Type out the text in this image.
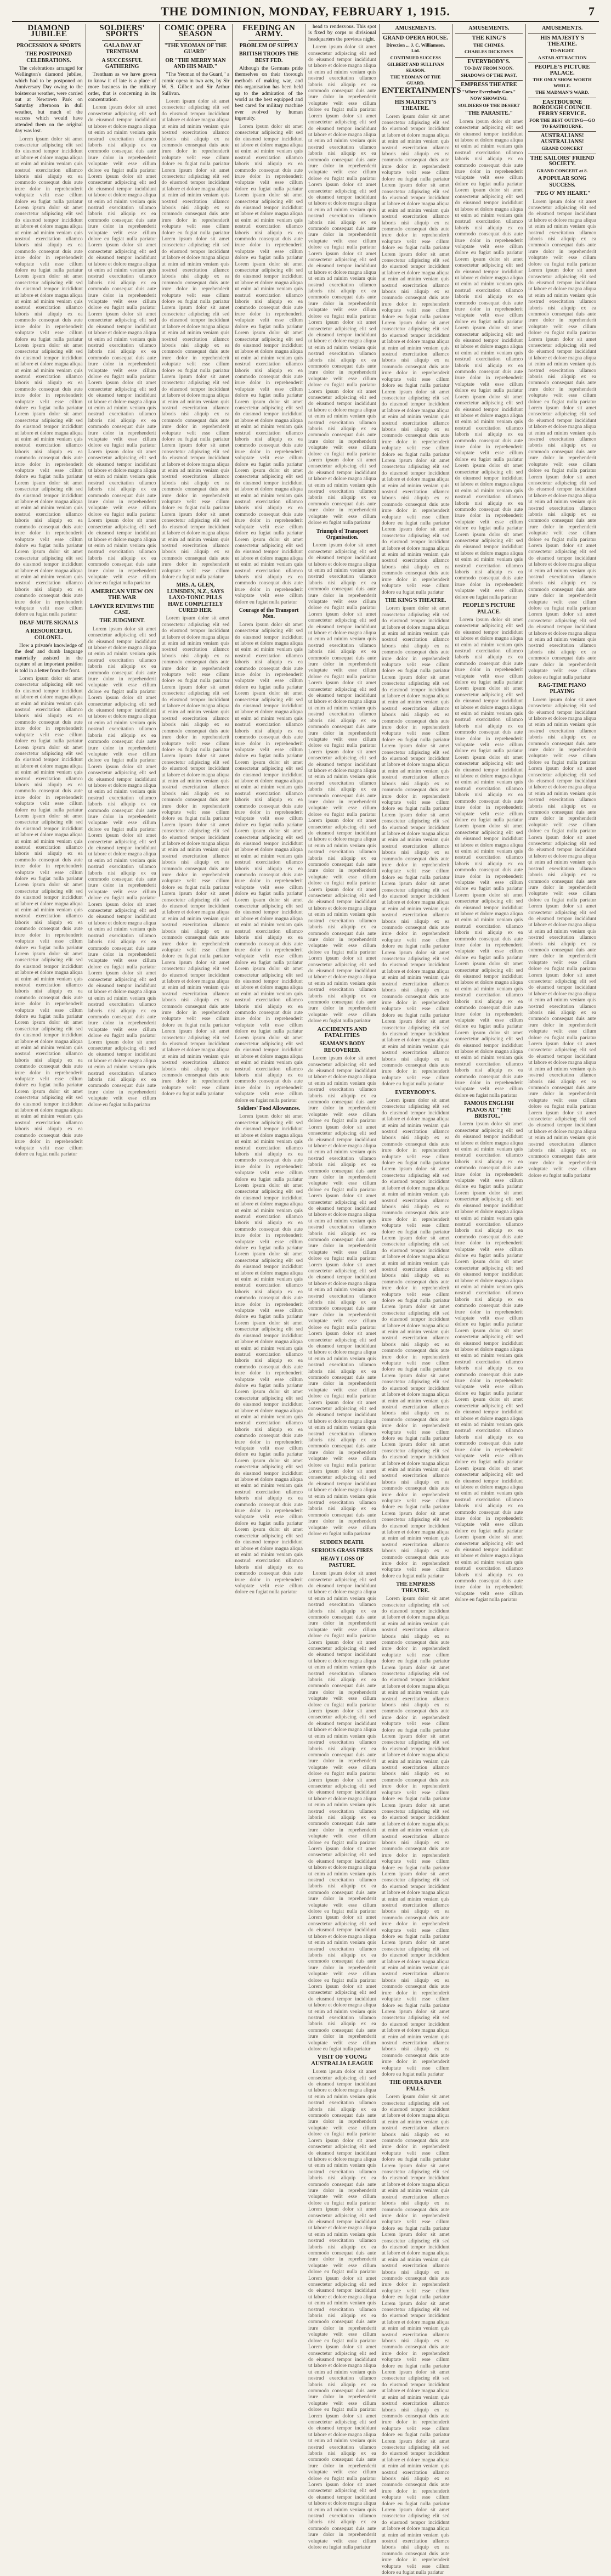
THE DOMINION, MONDAY, FEBRUARY 1, 1915.	7
DIAMOND JUBILEE
PROCESSION & SPORTS
THE POSTPONED CELEBRATIONS.

The celebrations arranged for Wellington's diamond jubilee, which had to be postponed on Anniversary Day owing to the boisterous weather, were carried out at Newtown Park on Saturday afternoon in dull weather, but much of the success which would have attended them on the original day was lost.

Lorem ipsum dolor sit amet consectetur adipiscing elit sed do eiusmod tempor incididunt ut labore et dolore magna aliqua ut enim ad minim veniam quis nostrud exercitation ullamco laboris nisi aliquip ex ea commodo consequat duis aute irure dolor in reprehenderit voluptate velit esse cillum dolore eu fugiat nulla pariatur Lorem ipsum dolor sit amet consectetur adipiscing elit sed do eiusmod tempor incididunt ut labore et dolore magna aliqua ut enim ad minim veniam quis nostrud exercitation ullamco laboris nisi aliquip ex ea commodo consequat duis aute irure dolor in reprehenderit voluptate velit esse cillum dolore eu fugiat nulla pariatur Lorem ipsum dolor sit amet consectetur adipiscing elit sed do eiusmod tempor incididunt ut labore et dolore magna aliqua ut enim ad minim veniam quis nostrud exercitation ullamco laboris nisi aliquip ex ea commodo consequat duis aute irure dolor in reprehenderit voluptate velit esse cillum dolore eu fugiat nulla pariatur Lorem ipsum dolor sit amet consectetur adipiscing elit sed do eiusmod tempor incididunt ut labore et dolore magna aliqua ut enim ad minim veniam quis nostrud exercitation ullamco laboris nisi aliquip ex ea commodo consequat duis aute irure dolor in reprehenderit voluptate velit esse cillum dolore eu fugiat nulla pariatur Lorem ipsum dolor sit amet consectetur adipiscing elit sed do eiusmod tempor incididunt ut labore et dolore magna aliqua ut enim ad minim veniam quis nostrud exercitation ullamco laboris nisi aliquip ex ea commodo consequat duis aute irure dolor in reprehenderit voluptate velit esse cillum dolore eu fugiat nulla pariatur Lorem ipsum dolor sit amet consectetur adipiscing elit sed do eiusmod tempor incididunt ut labore et dolore magna aliqua ut enim ad minim veniam quis nostrud exercitation ullamco laboris nisi aliquip ex ea commodo consequat duis aute irure dolor in reprehenderit voluptate velit esse cillum dolore eu fugiat nulla pariatur Lorem ipsum dolor sit amet consectetur adipiscing elit sed do eiusmod tempor incididunt ut labore et dolore magna aliqua ut enim ad minim veniam quis nostrud exercitation ullamco laboris nisi aliquip ex ea commodo consequat duis aute irure dolor in reprehenderit voluptate velit esse cillum dolore eu fugiat nulla pariatur

DEAF-MUTE SIGNALS
A RESOURCEFUL COLONEL.

How a private's knowledge of the deaf and dumb language materially assisted in the capture of an important position is told in a letter from the front.

Lorem ipsum dolor sit amet consectetur adipiscing elit sed do eiusmod tempor incididunt ut labore et dolore magna aliqua ut enim ad minim veniam quis nostrud exercitation ullamco laboris nisi aliquip ex ea commodo consequat duis aute irure dolor in reprehenderit voluptate velit esse cillum dolore eu fugiat nulla pariatur Lorem ipsum dolor sit amet consectetur adipiscing elit sed do eiusmod tempor incididunt ut labore et dolore magna aliqua ut enim ad minim veniam quis nostrud exercitation ullamco laboris nisi aliquip ex ea commodo consequat duis aute irure dolor in reprehenderit voluptate velit esse cillum dolore eu fugiat nulla pariatur Lorem ipsum dolor sit amet consectetur adipiscing elit sed do eiusmod tempor incididunt ut labore et dolore magna aliqua ut enim ad minim veniam quis nostrud exercitation ullamco laboris nisi aliquip ex ea commodo consequat duis aute irure dolor in reprehenderit voluptate velit esse cillum dolore eu fugiat nulla pariatur Lorem ipsum dolor sit amet consectetur adipiscing elit sed do eiusmod tempor incididunt ut labore et dolore magna aliqua ut enim ad minim veniam quis nostrud exercitation ullamco laboris nisi aliquip ex ea commodo consequat duis aute irure dolor in reprehenderit voluptate velit esse cillum dolore eu fugiat nulla pariatur Lorem ipsum dolor sit amet consectetur adipiscing elit sed do eiusmod tempor incididunt ut labore et dolore magna aliqua ut enim ad minim veniam quis nostrud exercitation ullamco laboris nisi aliquip ex ea commodo consequat duis aute irure dolor in reprehenderit voluptate velit esse cillum dolore eu fugiat nulla pariatur Lorem ipsum dolor sit amet consectetur adipiscing elit sed do eiusmod tempor incididunt ut labore et dolore magna aliqua ut enim ad minim veniam quis nostrud exercitation ullamco laboris nisi aliquip ex ea commodo consequat duis aute irure dolor in reprehenderit voluptate velit esse cillum dolore eu fugiat nulla pariatur Lorem ipsum dolor sit amet consectetur adipiscing elit sed do eiusmod tempor incididunt ut labore et dolore magna aliqua ut enim ad minim veniam quis nostrud exercitation ullamco laboris nisi aliquip ex ea commodo consequat duis aute irure dolor in reprehenderit voluptate velit esse cillum dolore eu fugiat nulla pariatur

SOLDIERS' SPORTS
GALA DAY AT TRENTHAM
A SUCCESSFUL GATHERING

Trentham as we have grown to know it of late is a place of more business in the military order, that is concerning in its concentration.

Lorem ipsum dolor sit amet consectetur adipiscing elit sed do eiusmod tempor incididunt ut labore et dolore magna aliqua ut enim ad minim veniam quis nostrud exercitation ullamco laboris nisi aliquip ex ea commodo consequat duis aute irure dolor in reprehenderit voluptate velit esse cillum dolore eu fugiat nulla pariatur Lorem ipsum dolor sit amet consectetur adipiscing elit sed do eiusmod tempor incididunt ut labore et dolore magna aliqua ut enim ad minim veniam quis nostrud exercitation ullamco laboris nisi aliquip ex ea commodo consequat duis aute irure dolor in reprehenderit voluptate velit esse cillum dolore eu fugiat nulla pariatur Lorem ipsum dolor sit amet consectetur adipiscing elit sed do eiusmod tempor incididunt ut labore et dolore magna aliqua ut enim ad minim veniam quis nostrud exercitation ullamco laboris nisi aliquip ex ea commodo consequat duis aute irure dolor in reprehenderit voluptate velit esse cillum dolore eu fugiat nulla pariatur Lorem ipsum dolor sit amet consectetur adipiscing elit sed do eiusmod tempor incididunt ut labore et dolore magna aliqua ut enim ad minim veniam quis nostrud exercitation ullamco laboris nisi aliquip ex ea commodo consequat duis aute irure dolor in reprehenderit voluptate velit esse cillum dolore eu fugiat nulla pariatur Lorem ipsum dolor sit amet consectetur adipiscing elit sed do eiusmod tempor incididunt ut labore et dolore magna aliqua ut enim ad minim veniam quis nostrud exercitation ullamco laboris nisi aliquip ex ea commodo consequat duis aute irure dolor in reprehenderit voluptate velit esse cillum dolore eu fugiat nulla pariatur Lorem ipsum dolor sit amet consectetur adipiscing elit sed do eiusmod tempor incididunt ut labore et dolore magna aliqua ut enim ad minim veniam quis nostrud exercitation ullamco laboris nisi aliquip ex ea commodo consequat duis aute irure dolor in reprehenderit voluptate velit esse cillum dolore eu fugiat nulla pariatur Lorem ipsum dolor sit amet consectetur adipiscing elit sed do eiusmod tempor incididunt ut labore et dolore magna aliqua ut enim ad minim veniam quis nostrud exercitation ullamco laboris nisi aliquip ex ea commodo consequat duis aute irure dolor in reprehenderit voluptate velit esse cillum dolore eu fugiat nulla pariatur

AMERICAN VIEW ON THE WAR
LAWYER REVIEWS THE CASE.
THE JUDGMENT.

Lorem ipsum dolor sit amet consectetur adipiscing elit sed do eiusmod tempor incididunt ut labore et dolore magna aliqua ut enim ad minim veniam quis nostrud exercitation ullamco laboris nisi aliquip ex ea commodo consequat duis aute irure dolor in reprehenderit voluptate velit esse cillum dolore eu fugiat nulla pariatur Lorem ipsum dolor sit amet consectetur adipiscing elit sed do eiusmod tempor incididunt ut labore et dolore magna aliqua ut enim ad minim veniam quis nostrud exercitation ullamco laboris nisi aliquip ex ea commodo consequat duis aute irure dolor in reprehenderit voluptate velit esse cillum dolore eu fugiat nulla pariatur Lorem ipsum dolor sit amet consectetur adipiscing elit sed do eiusmod tempor incididunt ut labore et dolore magna aliqua ut enim ad minim veniam quis nostrud exercitation ullamco laboris nisi aliquip ex ea commodo consequat duis aute irure dolor in reprehenderit voluptate velit esse cillum dolore eu fugiat nulla pariatur Lorem ipsum dolor sit amet consectetur adipiscing elit sed do eiusmod tempor incididunt ut labore et dolore magna aliqua ut enim ad minim veniam quis nostrud exercitation ullamco laboris nisi aliquip ex ea commodo consequat duis aute irure dolor in reprehenderit voluptate velit esse cillum dolore eu fugiat nulla pariatur Lorem ipsum dolor sit amet consectetur adipiscing elit sed do eiusmod tempor incididunt ut labore et dolore magna aliqua ut enim ad minim veniam quis nostrud exercitation ullamco laboris nisi aliquip ex ea commodo consequat duis aute irure dolor in reprehenderit voluptate velit esse cillum dolore eu fugiat nulla pariatur Lorem ipsum dolor sit amet consectetur adipiscing elit sed do eiusmod tempor incididunt ut labore et dolore magna aliqua ut enim ad minim veniam quis nostrud exercitation ullamco laboris nisi aliquip ex ea commodo consequat duis aute irure dolor in reprehenderit voluptate velit esse cillum dolore eu fugiat nulla pariatur Lorem ipsum dolor sit amet consectetur adipiscing elit sed do eiusmod tempor incididunt ut labore et dolore magna aliqua ut enim ad minim veniam quis nostrud exercitation ullamco laboris nisi aliquip ex ea commodo consequat duis aute irure dolor in reprehenderit voluptate velit esse cillum dolore eu fugiat nulla pariatur

COMIC OPERA SEASON
"THE YEOMAN OF THE GUARD"
OR "THE MERRY MAN AND HIS MAID."

"The Yeoman of the Guard," a comic opera in two acts, by Sir W. S. Gilbert and Sir Arthur Sullivan.

Lorem ipsum dolor sit amet consectetur adipiscing elit sed do eiusmod tempor incididunt ut labore et dolore magna aliqua ut enim ad minim veniam quis nostrud exercitation ullamco laboris nisi aliquip ex ea commodo consequat duis aute irure dolor in reprehenderit voluptate velit esse cillum dolore eu fugiat nulla pariatur Lorem ipsum dolor sit amet consectetur adipiscing elit sed do eiusmod tempor incididunt ut labore et dolore magna aliqua ut enim ad minim veniam quis nostrud exercitation ullamco laboris nisi aliquip ex ea commodo consequat duis aute irure dolor in reprehenderit voluptate velit esse cillum dolore eu fugiat nulla pariatur Lorem ipsum dolor sit amet consectetur adipiscing elit sed do eiusmod tempor incididunt ut labore et dolore magna aliqua ut enim ad minim veniam quis nostrud exercitation ullamco laboris nisi aliquip ex ea commodo consequat duis aute irure dolor in reprehenderit voluptate velit esse cillum dolore eu fugiat nulla pariatur Lorem ipsum dolor sit amet consectetur adipiscing elit sed do eiusmod tempor incididunt ut labore et dolore magna aliqua ut enim ad minim veniam quis nostrud exercitation ullamco laboris nisi aliquip ex ea commodo consequat duis aute irure dolor in reprehenderit voluptate velit esse cillum dolore eu fugiat nulla pariatur Lorem ipsum dolor sit amet consectetur adipiscing elit sed do eiusmod tempor incididunt ut labore et dolore magna aliqua ut enim ad minim veniam quis nostrud exercitation ullamco laboris nisi aliquip ex ea commodo consequat duis aute irure dolor in reprehenderit voluptate velit esse cillum dolore eu fugiat nulla pariatur Lorem ipsum dolor sit amet consectetur adipiscing elit sed do eiusmod tempor incididunt ut labore et dolore magna aliqua ut enim ad minim veniam quis nostrud exercitation ullamco laboris nisi aliquip ex ea commodo consequat duis aute irure dolor in reprehenderit voluptate velit esse cillum dolore eu fugiat nulla pariatur Lorem ipsum dolor sit amet consectetur adipiscing elit sed do eiusmod tempor incididunt ut labore et dolore magna aliqua ut enim ad minim veniam quis nostrud exercitation ullamco laboris nisi aliquip ex ea commodo consequat duis aute irure dolor in reprehenderit voluptate velit esse cillum dolore eu fugiat nulla pariatur

MRS. A. GLEN, LUMSDEN, N.Z., SAYS LAXO-TONIC PILLS HAVE COMPLETELY CURED HER.

Lorem ipsum dolor sit amet consectetur adipiscing elit sed do eiusmod tempor incididunt ut labore et dolore magna aliqua ut enim ad minim veniam quis nostrud exercitation ullamco laboris nisi aliquip ex ea commodo consequat duis aute irure dolor in reprehenderit voluptate velit esse cillum dolore eu fugiat nulla pariatur Lorem ipsum dolor sit amet consectetur adipiscing elit sed do eiusmod tempor incididunt ut labore et dolore magna aliqua ut enim ad minim veniam quis nostrud exercitation ullamco laboris nisi aliquip ex ea commodo consequat duis aute irure dolor in reprehenderit voluptate velit esse cillum dolore eu fugiat nulla pariatur Lorem ipsum dolor sit amet consectetur adipiscing elit sed do eiusmod tempor incididunt ut labore et dolore magna aliqua ut enim ad minim veniam quis nostrud exercitation ullamco laboris nisi aliquip ex ea commodo consequat duis aute irure dolor in reprehenderit voluptate velit esse cillum dolore eu fugiat nulla pariatur Lorem ipsum dolor sit amet consectetur adipiscing elit sed do eiusmod tempor incididunt ut labore et dolore magna aliqua ut enim ad minim veniam quis nostrud exercitation ullamco laboris nisi aliquip ex ea commodo consequat duis aute irure dolor in reprehenderit voluptate velit esse cillum dolore eu fugiat nulla pariatur Lorem ipsum dolor sit amet consectetur adipiscing elit sed do eiusmod tempor incididunt ut labore et dolore magna aliqua ut enim ad minim veniam quis nostrud exercitation ullamco laboris nisi aliquip ex ea commodo consequat duis aute irure dolor in reprehenderit voluptate velit esse cillum dolore eu fugiat nulla pariatur Lorem ipsum dolor sit amet consectetur adipiscing elit sed do eiusmod tempor incididunt ut labore et dolore magna aliqua ut enim ad minim veniam quis nostrud exercitation ullamco laboris nisi aliquip ex ea commodo consequat duis aute irure dolor in reprehenderit voluptate velit esse cillum dolore eu fugiat nulla pariatur Lorem ipsum dolor sit amet consectetur adipiscing elit sed do eiusmod tempor incididunt ut labore et dolore magna aliqua ut enim ad minim veniam quis nostrud exercitation ullamco laboris nisi aliquip ex ea commodo consequat duis aute irure dolor in reprehenderit voluptate velit esse cillum dolore eu fugiat nulla pariatur

FEEDING AN ARMY.
PROBLEM OF SUPPLY
BRITISH TROOPS THE BEST FED.

Although the Germans pride themselves on their thorough methods of making war, and this organisation has been held up to the admiration of the world as the best equipped and best cared for military machine ever evolved by human ingenuity.

Lorem ipsum dolor sit amet consectetur adipiscing elit sed do eiusmod tempor incididunt ut labore et dolore magna aliqua ut enim ad minim veniam quis nostrud exercitation ullamco laboris nisi aliquip ex ea commodo consequat duis aute irure dolor in reprehenderit voluptate velit esse cillum dolore eu fugiat nulla pariatur Lorem ipsum dolor sit amet consectetur adipiscing elit sed do eiusmod tempor incididunt ut labore et dolore magna aliqua ut enim ad minim veniam quis nostrud exercitation ullamco laboris nisi aliquip ex ea commodo consequat duis aute irure dolor in reprehenderit voluptate velit esse cillum dolore eu fugiat nulla pariatur Lorem ipsum dolor sit amet consectetur adipiscing elit sed do eiusmod tempor incididunt ut labore et dolore magna aliqua ut enim ad minim veniam quis nostrud exercitation ullamco laboris nisi aliquip ex ea commodo consequat duis aute irure dolor in reprehenderit voluptate velit esse cillum dolore eu fugiat nulla pariatur Lorem ipsum dolor sit amet consectetur adipiscing elit sed do eiusmod tempor incididunt ut labore et dolore magna aliqua ut enim ad minim veniam quis nostrud exercitation ullamco laboris nisi aliquip ex ea commodo consequat duis aute irure dolor in reprehenderit voluptate velit esse cillum dolore eu fugiat nulla pariatur Lorem ipsum dolor sit amet consectetur adipiscing elit sed do eiusmod tempor incididunt ut labore et dolore magna aliqua ut enim ad minim veniam quis nostrud exercitation ullamco laboris nisi aliquip ex ea commodo consequat duis aute irure dolor in reprehenderit voluptate velit esse cillum dolore eu fugiat nulla pariatur Lorem ipsum dolor sit amet consectetur adipiscing elit sed do eiusmod tempor incididunt ut labore et dolore magna aliqua ut enim ad minim veniam quis nostrud exercitation ullamco laboris nisi aliquip ex ea commodo consequat duis aute irure dolor in reprehenderit voluptate velit esse cillum dolore eu fugiat nulla pariatur Lorem ipsum dolor sit amet consectetur adipiscing elit sed do eiusmod tempor incididunt ut labore et dolore magna aliqua ut enim ad minim veniam quis nostrud exercitation ullamco laboris nisi aliquip ex ea commodo consequat duis aute irure dolor in reprehenderit voluptate velit esse cillum dolore eu fugiat nulla pariatur

Courage of the Transport Men.

Lorem ipsum dolor sit amet consectetur adipiscing elit sed do eiusmod tempor incididunt ut labore et dolore magna aliqua ut enim ad minim veniam quis nostrud exercitation ullamco laboris nisi aliquip ex ea commodo consequat duis aute irure dolor in reprehenderit voluptate velit esse cillum dolore eu fugiat nulla pariatur Lorem ipsum dolor sit amet consectetur adipiscing elit sed do eiusmod tempor incididunt ut labore et dolore magna aliqua ut enim ad minim veniam quis nostrud exercitation ullamco laboris nisi aliquip ex ea commodo consequat duis aute irure dolor in reprehenderit voluptate velit esse cillum dolore eu fugiat nulla pariatur Lorem ipsum dolor sit amet consectetur adipiscing elit sed do eiusmod tempor incididunt ut labore et dolore magna aliqua ut enim ad minim veniam quis nostrud exercitation ullamco laboris nisi aliquip ex ea commodo consequat duis aute irure dolor in reprehenderit voluptate velit esse cillum dolore eu fugiat nulla pariatur Lorem ipsum dolor sit amet consectetur adipiscing elit sed do eiusmod tempor incididunt ut labore et dolore magna aliqua ut enim ad minim veniam quis nostrud exercitation ullamco laboris nisi aliquip ex ea commodo consequat duis aute irure dolor in reprehenderit voluptate velit esse cillum dolore eu fugiat nulla pariatur Lorem ipsum dolor sit amet consectetur adipiscing elit sed do eiusmod tempor incididunt ut labore et dolore magna aliqua ut enim ad minim veniam quis nostrud exercitation ullamco laboris nisi aliquip ex ea commodo consequat duis aute irure dolor in reprehenderit voluptate velit esse cillum dolore eu fugiat nulla pariatur Lorem ipsum dolor sit amet consectetur adipiscing elit sed do eiusmod tempor incididunt ut labore et dolore magna aliqua ut enim ad minim veniam quis nostrud exercitation ullamco laboris nisi aliquip ex ea commodo consequat duis aute irure dolor in reprehenderit voluptate velit esse cillum dolore eu fugiat nulla pariatur Lorem ipsum dolor sit amet consectetur adipiscing elit sed do eiusmod tempor incididunt ut labore et dolore magna aliqua ut enim ad minim veniam quis nostrud exercitation ullamco laboris nisi aliquip ex ea commodo consequat duis aute irure dolor in reprehenderit voluptate velit esse cillum dolore eu fugiat nulla pariatur

Soldiers' Food Allowances.

Lorem ipsum dolor sit amet consectetur adipiscing elit sed do eiusmod tempor incididunt ut labore et dolore magna aliqua ut enim ad minim veniam quis nostrud exercitation ullamco laboris nisi aliquip ex ea commodo consequat duis aute irure dolor in reprehenderit voluptate velit esse cillum dolore eu fugiat nulla pariatur Lorem ipsum dolor sit amet consectetur adipiscing elit sed do eiusmod tempor incididunt ut labore et dolore magna aliqua ut enim ad minim veniam quis nostrud exercitation ullamco laboris nisi aliquip ex ea commodo consequat duis aute irure dolor in reprehenderit voluptate velit esse cillum dolore eu fugiat nulla pariatur Lorem ipsum dolor sit amet consectetur adipiscing elit sed do eiusmod tempor incididunt ut labore et dolore magna aliqua ut enim ad minim veniam quis nostrud exercitation ullamco laboris nisi aliquip ex ea commodo consequat duis aute irure dolor in reprehenderit voluptate velit esse cillum dolore eu fugiat nulla pariatur Lorem ipsum dolor sit amet consectetur adipiscing elit sed do eiusmod tempor incididunt ut labore et dolore magna aliqua ut enim ad minim veniam quis nostrud exercitation ullamco laboris nisi aliquip ex ea commodo consequat duis aute irure dolor in reprehenderit voluptate velit esse cillum dolore eu fugiat nulla pariatur Lorem ipsum dolor sit amet consectetur adipiscing elit sed do eiusmod tempor incididunt ut labore et dolore magna aliqua ut enim ad minim veniam quis nostrud exercitation ullamco laboris nisi aliquip ex ea commodo consequat duis aute irure dolor in reprehenderit voluptate velit esse cillum dolore eu fugiat nulla pariatur Lorem ipsum dolor sit amet consectetur adipiscing elit sed do eiusmod tempor incididunt ut labore et dolore magna aliqua ut enim ad minim veniam quis nostrud exercitation ullamco laboris nisi aliquip ex ea commodo consequat duis aute irure dolor in reprehenderit voluptate velit esse cillum dolore eu fugiat nulla pariatur Lorem ipsum dolor sit amet consectetur adipiscing elit sed do eiusmod tempor incididunt ut labore et dolore magna aliqua ut enim ad minim veniam quis nostrud exercitation ullamco laboris nisi aliquip ex ea commodo consequat duis aute irure dolor in reprehenderit voluptate velit esse cillum dolore eu fugiat nulla pariatur

head to rendezvous. This spot is fixed by corps or divisional headquarters the previous night.

Lorem ipsum dolor sit amet consectetur adipiscing elit sed do eiusmod tempor incididunt ut labore et dolore magna aliqua ut enim ad minim veniam quis nostrud exercitation ullamco laboris nisi aliquip ex ea commodo consequat duis aute irure dolor in reprehenderit voluptate velit esse cillum dolore eu fugiat nulla pariatur Lorem ipsum dolor sit amet consectetur adipiscing elit sed do eiusmod tempor incididunt ut labore et dolore magna aliqua ut enim ad minim veniam quis nostrud exercitation ullamco laboris nisi aliquip ex ea commodo consequat duis aute irure dolor in reprehenderit voluptate velit esse cillum dolore eu fugiat nulla pariatur Lorem ipsum dolor sit amet consectetur adipiscing elit sed do eiusmod tempor incididunt ut labore et dolore magna aliqua ut enim ad minim veniam quis nostrud exercitation ullamco laboris nisi aliquip ex ea commodo consequat duis aute irure dolor in reprehenderit voluptate velit esse cillum dolore eu fugiat nulla pariatur Lorem ipsum dolor sit amet consectetur adipiscing elit sed do eiusmod tempor incididunt ut labore et dolore magna aliqua ut enim ad minim veniam quis nostrud exercitation ullamco laboris nisi aliquip ex ea commodo consequat duis aute irure dolor in reprehenderit voluptate velit esse cillum dolore eu fugiat nulla pariatur Lorem ipsum dolor sit amet consectetur adipiscing elit sed do eiusmod tempor incididunt ut labore et dolore magna aliqua ut enim ad minim veniam quis nostrud exercitation ullamco laboris nisi aliquip ex ea commodo consequat duis aute irure dolor in reprehenderit voluptate velit esse cillum dolore eu fugiat nulla pariatur Lorem ipsum dolor sit amet consectetur adipiscing elit sed do eiusmod tempor incididunt ut labore et dolore magna aliqua ut enim ad minim veniam quis nostrud exercitation ullamco laboris nisi aliquip ex ea commodo consequat duis aute irure dolor in reprehenderit voluptate velit esse cillum dolore eu fugiat nulla pariatur Lorem ipsum dolor sit amet consectetur adipiscing elit sed do eiusmod tempor incididunt ut labore et dolore magna aliqua ut enim ad minim veniam quis nostrud exercitation ullamco laboris nisi aliquip ex ea commodo consequat duis aute irure dolor in reprehenderit voluptate velit esse cillum dolore eu fugiat nulla pariatur

Triumph of Transport Organisation.

Lorem ipsum dolor sit amet consectetur adipiscing elit sed do eiusmod tempor incididunt ut labore et dolore magna aliqua ut enim ad minim veniam quis nostrud exercitation ullamco laboris nisi aliquip ex ea commodo consequat duis aute irure dolor in reprehenderit voluptate velit esse cillum dolore eu fugiat nulla pariatur Lorem ipsum dolor sit amet consectetur adipiscing elit sed do eiusmod tempor incididunt ut labore et dolore magna aliqua ut enim ad minim veniam quis nostrud exercitation ullamco laboris nisi aliquip ex ea commodo consequat duis aute irure dolor in reprehenderit voluptate velit esse cillum dolore eu fugiat nulla pariatur Lorem ipsum dolor sit amet consectetur adipiscing elit sed do eiusmod tempor incididunt ut labore et dolore magna aliqua ut enim ad minim veniam quis nostrud exercitation ullamco laboris nisi aliquip ex ea commodo consequat duis aute irure dolor in reprehenderit voluptate velit esse cillum dolore eu fugiat nulla pariatur Lorem ipsum dolor sit amet consectetur adipiscing elit sed do eiusmod tempor incididunt ut labore et dolore magna aliqua ut enim ad minim veniam quis nostrud exercitation ullamco laboris nisi aliquip ex ea commodo consequat duis aute irure dolor in reprehenderit voluptate velit esse cillum dolore eu fugiat nulla pariatur Lorem ipsum dolor sit amet consectetur adipiscing elit sed do eiusmod tempor incididunt ut labore et dolore magna aliqua ut enim ad minim veniam quis nostrud exercitation ullamco laboris nisi aliquip ex ea commodo consequat duis aute irure dolor in reprehenderit voluptate velit esse cillum dolore eu fugiat nulla pariatur Lorem ipsum dolor sit amet consectetur adipiscing elit sed do eiusmod tempor incididunt ut labore et dolore magna aliqua ut enim ad minim veniam quis nostrud exercitation ullamco laboris nisi aliquip ex ea commodo consequat duis aute irure dolor in reprehenderit voluptate velit esse cillum dolore eu fugiat nulla pariatur Lorem ipsum dolor sit amet consectetur adipiscing elit sed do eiusmod tempor incididunt ut labore et dolore magna aliqua ut enim ad minim veniam quis nostrud exercitation ullamco laboris nisi aliquip ex ea commodo consequat duis aute irure dolor in reprehenderit voluptate velit esse cillum dolore eu fugiat nulla pariatur

ACCIDENTS AND FATALITIES
SEAMAN'S BODY RECOVERED.

Lorem ipsum dolor sit amet consectetur adipiscing elit sed do eiusmod tempor incididunt ut labore et dolore magna aliqua ut enim ad minim veniam quis nostrud exercitation ullamco laboris nisi aliquip ex ea commodo consequat duis aute irure dolor in reprehenderit voluptate velit esse cillum dolore eu fugiat nulla pariatur Lorem ipsum dolor sit amet consectetur adipiscing elit sed do eiusmod tempor incididunt ut labore et dolore magna aliqua ut enim ad minim veniam quis nostrud exercitation ullamco laboris nisi aliquip ex ea commodo consequat duis aute irure dolor in reprehenderit voluptate velit esse cillum dolore eu fugiat nulla pariatur Lorem ipsum dolor sit amet consectetur adipiscing elit sed do eiusmod tempor incididunt ut labore et dolore magna aliqua ut enim ad minim veniam quis nostrud exercitation ullamco laboris nisi aliquip ex ea commodo consequat duis aute irure dolor in reprehenderit voluptate velit esse cillum dolore eu fugiat nulla pariatur Lorem ipsum dolor sit amet consectetur adipiscing elit sed do eiusmod tempor incididunt ut labore et dolore magna aliqua ut enim ad minim veniam quis nostrud exercitation ullamco laboris nisi aliquip ex ea commodo consequat duis aute irure dolor in reprehenderit voluptate velit esse cillum dolore eu fugiat nulla pariatur Lorem ipsum dolor sit amet consectetur adipiscing elit sed do eiusmod tempor incididunt ut labore et dolore magna aliqua ut enim ad minim veniam quis nostrud exercitation ullamco laboris nisi aliquip ex ea commodo consequat duis aute irure dolor in reprehenderit voluptate velit esse cillum dolore eu fugiat nulla pariatur Lorem ipsum dolor sit amet consectetur adipiscing elit sed do eiusmod tempor incididunt ut labore et dolore magna aliqua ut enim ad minim veniam quis nostrud exercitation ullamco laboris nisi aliquip ex ea commodo consequat duis aute irure dolor in reprehenderit voluptate velit esse cillum dolore eu fugiat nulla pariatur Lorem ipsum dolor sit amet consectetur adipiscing elit sed do eiusmod tempor incididunt ut labore et dolore magna aliqua ut enim ad minim veniam quis nostrud exercitation ullamco laboris nisi aliquip ex ea commodo consequat duis aute irure dolor in reprehenderit voluptate velit esse cillum dolore eu fugiat nulla pariatur

SUDDEN DEATH.
SERIOUS GRASS FIRES
HEAVY LOSS OF PASTURE.

Lorem ipsum dolor sit amet consectetur adipiscing elit sed do eiusmod tempor incididunt ut labore et dolore magna aliqua ut enim ad minim veniam quis nostrud exercitation ullamco laboris nisi aliquip ex ea commodo consequat duis aute irure dolor in reprehenderit voluptate velit esse cillum dolore eu fugiat nulla pariatur Lorem ipsum dolor sit amet consectetur adipiscing elit sed do eiusmod tempor incididunt ut labore et dolore magna aliqua ut enim ad minim veniam quis nostrud exercitation ullamco laboris nisi aliquip ex ea commodo consequat duis aute irure dolor in reprehenderit voluptate velit esse cillum dolore eu fugiat nulla pariatur Lorem ipsum dolor sit amet consectetur adipiscing elit sed do eiusmod tempor incididunt ut labore et dolore magna aliqua ut enim ad minim veniam quis nostrud exercitation ullamco laboris nisi aliquip ex ea commodo consequat duis aute irure dolor in reprehenderit voluptate velit esse cillum dolore eu fugiat nulla pariatur Lorem ipsum dolor sit amet consectetur adipiscing elit sed do eiusmod tempor incididunt ut labore et dolore magna aliqua ut enim ad minim veniam quis nostrud exercitation ullamco laboris nisi aliquip ex ea commodo consequat duis aute irure dolor in reprehenderit voluptate velit esse cillum dolore eu fugiat nulla pariatur Lorem ipsum dolor sit amet consectetur adipiscing elit sed do eiusmod tempor incididunt ut labore et dolore magna aliqua ut enim ad minim veniam quis nostrud exercitation ullamco laboris nisi aliquip ex ea commodo consequat duis aute irure dolor in reprehenderit voluptate velit esse cillum dolore eu fugiat nulla pariatur Lorem ipsum dolor sit amet consectetur adipiscing elit sed do eiusmod tempor incididunt ut labore et dolore magna aliqua ut enim ad minim veniam quis nostrud exercitation ullamco laboris nisi aliquip ex ea commodo consequat duis aute irure dolor in reprehenderit voluptate velit esse cillum dolore eu fugiat nulla pariatur Lorem ipsum dolor sit amet consectetur adipiscing elit sed do eiusmod tempor incididunt ut labore et dolore magna aliqua ut enim ad minim veniam quis nostrud exercitation ullamco laboris nisi aliquip ex ea commodo consequat duis aute irure dolor in reprehenderit voluptate velit esse cillum dolore eu fugiat nulla pariatur

VISIT OF YOUNG AUSTRALIA LEAGUE

Lorem ipsum dolor sit amet consectetur adipiscing elit sed do eiusmod tempor incididunt ut labore et dolore magna aliqua ut enim ad minim veniam quis nostrud exercitation ullamco laboris nisi aliquip ex ea commodo consequat duis aute irure dolor in reprehenderit voluptate velit esse cillum dolore eu fugiat nulla pariatur Lorem ipsum dolor sit amet consectetur adipiscing elit sed do eiusmod tempor incididunt ut labore et dolore magna aliqua ut enim ad minim veniam quis nostrud exercitation ullamco laboris nisi aliquip ex ea commodo consequat duis aute irure dolor in reprehenderit voluptate velit esse cillum dolore eu fugiat nulla pariatur Lorem ipsum dolor sit amet consectetur adipiscing elit sed do eiusmod tempor incididunt ut labore et dolore magna aliqua ut enim ad minim veniam quis nostrud exercitation ullamco laboris nisi aliquip ex ea commodo consequat duis aute irure dolor in reprehenderit voluptate velit esse cillum dolore eu fugiat nulla pariatur Lorem ipsum dolor sit amet consectetur adipiscing elit sed do eiusmod tempor incididunt ut labore et dolore magna aliqua ut enim ad minim veniam quis nostrud exercitation ullamco laboris nisi aliquip ex ea commodo consequat duis aute irure dolor in reprehenderit voluptate velit esse cillum dolore eu fugiat nulla pariatur Lorem ipsum dolor sit amet consectetur adipiscing elit sed do eiusmod tempor incididunt ut labore et dolore magna aliqua ut enim ad minim veniam quis nostrud exercitation ullamco laboris nisi aliquip ex ea commodo consequat duis aute irure dolor in reprehenderit voluptate velit esse cillum dolore eu fugiat nulla pariatur Lorem ipsum dolor sit amet consectetur adipiscing elit sed do eiusmod tempor incididunt ut labore et dolore magna aliqua ut enim ad minim veniam quis nostrud exercitation ullamco laboris nisi aliquip ex ea commodo consequat duis aute irure dolor in reprehenderit voluptate velit esse cillum dolore eu fugiat nulla pariatur Lorem ipsum dolor sit amet consectetur adipiscing elit sed do eiusmod tempor incididunt ut labore et dolore magna aliqua ut enim ad minim veniam quis nostrud exercitation ullamco laboris nisi aliquip ex ea commodo consequat duis aute irure dolor in reprehenderit voluptate velit esse cillum dolore eu fugiat nulla pariatur

AMUSEMENTS.
GRAND OPERA HOUSE.
Direction ... J. C. Williamson, Ltd.
CONTINUED SUCCESS
GILBERT AND SULLIVAN SEASON.
THE YEOMAN OF THE GUARD.
ENTERTAINMENTS
HIS MAJESTY'S THEATRE.

Lorem ipsum dolor sit amet consectetur adipiscing elit sed do eiusmod tempor incididunt ut labore et dolore magna aliqua ut enim ad minim veniam quis nostrud exercitation ullamco laboris nisi aliquip ex ea commodo consequat duis aute irure dolor in reprehenderit voluptate velit esse cillum dolore eu fugiat nulla pariatur Lorem ipsum dolor sit amet consectetur adipiscing elit sed do eiusmod tempor incididunt ut labore et dolore magna aliqua ut enim ad minim veniam quis nostrud exercitation ullamco laboris nisi aliquip ex ea commodo consequat duis aute irure dolor in reprehenderit voluptate velit esse cillum dolore eu fugiat nulla pariatur Lorem ipsum dolor sit amet consectetur adipiscing elit sed do eiusmod tempor incididunt ut labore et dolore magna aliqua ut enim ad minim veniam quis nostrud exercitation ullamco laboris nisi aliquip ex ea commodo consequat duis aute irure dolor in reprehenderit voluptate velit esse cillum dolore eu fugiat nulla pariatur Lorem ipsum dolor sit amet consectetur adipiscing elit sed do eiusmod tempor incididunt ut labore et dolore magna aliqua ut enim ad minim veniam quis nostrud exercitation ullamco laboris nisi aliquip ex ea commodo consequat duis aute irure dolor in reprehenderit voluptate velit esse cillum dolore eu fugiat nulla pariatur Lorem ipsum dolor sit amet consectetur adipiscing elit sed do eiusmod tempor incididunt ut labore et dolore magna aliqua ut enim ad minim veniam quis nostrud exercitation ullamco laboris nisi aliquip ex ea commodo consequat duis aute irure dolor in reprehenderit voluptate velit esse cillum dolore eu fugiat nulla pariatur Lorem ipsum dolor sit amet consectetur adipiscing elit sed do eiusmod tempor incididunt ut labore et dolore magna aliqua ut enim ad minim veniam quis nostrud exercitation ullamco laboris nisi aliquip ex ea commodo consequat duis aute irure dolor in reprehenderit voluptate velit esse cillum dolore eu fugiat nulla pariatur Lorem ipsum dolor sit amet consectetur adipiscing elit sed do eiusmod tempor incididunt ut labore et dolore magna aliqua ut enim ad minim veniam quis nostrud exercitation ullamco laboris nisi aliquip ex ea commodo consequat duis aute irure dolor in reprehenderit voluptate velit esse cillum dolore eu fugiat nulla pariatur

THE KING'S THEATRE.

Lorem ipsum dolor sit amet consectetur adipiscing elit sed do eiusmod tempor incididunt ut labore et dolore magna aliqua ut enim ad minim veniam quis nostrud exercitation ullamco laboris nisi aliquip ex ea commodo consequat duis aute irure dolor in reprehenderit voluptate velit esse cillum dolore eu fugiat nulla pariatur Lorem ipsum dolor sit amet consectetur adipiscing elit sed do eiusmod tempor incididunt ut labore et dolore magna aliqua ut enim ad minim veniam quis nostrud exercitation ullamco laboris nisi aliquip ex ea commodo consequat duis aute irure dolor in reprehenderit voluptate velit esse cillum dolore eu fugiat nulla pariatur Lorem ipsum dolor sit amet consectetur adipiscing elit sed do eiusmod tempor incididunt ut labore et dolore magna aliqua ut enim ad minim veniam quis nostrud exercitation ullamco laboris nisi aliquip ex ea commodo consequat duis aute irure dolor in reprehenderit voluptate velit esse cillum dolore eu fugiat nulla pariatur Lorem ipsum dolor sit amet consectetur adipiscing elit sed do eiusmod tempor incididunt ut labore et dolore magna aliqua ut enim ad minim veniam quis nostrud exercitation ullamco laboris nisi aliquip ex ea commodo consequat duis aute irure dolor in reprehenderit voluptate velit esse cillum dolore eu fugiat nulla pariatur Lorem ipsum dolor sit amet consectetur adipiscing elit sed do eiusmod tempor incididunt ut labore et dolore magna aliqua ut enim ad minim veniam quis nostrud exercitation ullamco laboris nisi aliquip ex ea commodo consequat duis aute irure dolor in reprehenderit voluptate velit esse cillum dolore eu fugiat nulla pariatur Lorem ipsum dolor sit amet consectetur adipiscing elit sed do eiusmod tempor incididunt ut labore et dolore magna aliqua ut enim ad minim veniam quis nostrud exercitation ullamco laboris nisi aliquip ex ea commodo consequat duis aute irure dolor in reprehenderit voluptate velit esse cillum dolore eu fugiat nulla pariatur Lorem ipsum dolor sit amet consectetur adipiscing elit sed do eiusmod tempor incididunt ut labore et dolore magna aliqua ut enim ad minim veniam quis nostrud exercitation ullamco laboris nisi aliquip ex ea commodo consequat duis aute irure dolor in reprehenderit voluptate velit esse cillum dolore eu fugiat nulla pariatur

EVERYBODY'S.

Lorem ipsum dolor sit amet consectetur adipiscing elit sed do eiusmod tempor incididunt ut labore et dolore magna aliqua ut enim ad minim veniam quis nostrud exercitation ullamco laboris nisi aliquip ex ea commodo consequat duis aute irure dolor in reprehenderit voluptate velit esse cillum dolore eu fugiat nulla pariatur Lorem ipsum dolor sit amet consectetur adipiscing elit sed do eiusmod tempor incididunt ut labore et dolore magna aliqua ut enim ad minim veniam quis nostrud exercitation ullamco laboris nisi aliquip ex ea commodo consequat duis aute irure dolor in reprehenderit voluptate velit esse cillum dolore eu fugiat nulla pariatur Lorem ipsum dolor sit amet consectetur adipiscing elit sed do eiusmod tempor incididunt ut labore et dolore magna aliqua ut enim ad minim veniam quis nostrud exercitation ullamco laboris nisi aliquip ex ea commodo consequat duis aute irure dolor in reprehenderit voluptate velit esse cillum dolore eu fugiat nulla pariatur Lorem ipsum dolor sit amet consectetur adipiscing elit sed do eiusmod tempor incididunt ut labore et dolore magna aliqua ut enim ad minim veniam quis nostrud exercitation ullamco laboris nisi aliquip ex ea commodo consequat duis aute irure dolor in reprehenderit voluptate velit esse cillum dolore eu fugiat nulla pariatur Lorem ipsum dolor sit amet consectetur adipiscing elit sed do eiusmod tempor incididunt ut labore et dolore magna aliqua ut enim ad minim veniam quis nostrud exercitation ullamco laboris nisi aliquip ex ea commodo consequat duis aute irure dolor in reprehenderit voluptate velit esse cillum dolore eu fugiat nulla pariatur Lorem ipsum dolor sit amet consectetur adipiscing elit sed do eiusmod tempor incididunt ut labore et dolore magna aliqua ut enim ad minim veniam quis nostrud exercitation ullamco laboris nisi aliquip ex ea commodo consequat duis aute irure dolor in reprehenderit voluptate velit esse cillum dolore eu fugiat nulla pariatur Lorem ipsum dolor sit amet consectetur adipiscing elit sed do eiusmod tempor incididunt ut labore et dolore magna aliqua ut enim ad minim veniam quis nostrud exercitation ullamco laboris nisi aliquip ex ea commodo consequat duis aute irure dolor in reprehenderit voluptate velit esse cillum dolore eu fugiat nulla pariatur

THE EMPRESS THEATRE.

Lorem ipsum dolor sit amet consectetur adipiscing elit sed do eiusmod tempor incididunt ut labore et dolore magna aliqua ut enim ad minim veniam quis nostrud exercitation ullamco laboris nisi aliquip ex ea commodo consequat duis aute irure dolor in reprehenderit voluptate velit esse cillum dolore eu fugiat nulla pariatur Lorem ipsum dolor sit amet consectetur adipiscing elit sed do eiusmod tempor incididunt ut labore et dolore magna aliqua ut enim ad minim veniam quis nostrud exercitation ullamco laboris nisi aliquip ex ea commodo consequat duis aute irure dolor in reprehenderit voluptate velit esse cillum dolore eu fugiat nulla pariatur Lorem ipsum dolor sit amet consectetur adipiscing elit sed do eiusmod tempor incididunt ut labore et dolore magna aliqua ut enim ad minim veniam quis nostrud exercitation ullamco laboris nisi aliquip ex ea commodo consequat duis aute irure dolor in reprehenderit voluptate velit esse cillum dolore eu fugiat nulla pariatur Lorem ipsum dolor sit amet consectetur adipiscing elit sed do eiusmod tempor incididunt ut labore et dolore magna aliqua ut enim ad minim veniam quis nostrud exercitation ullamco laboris nisi aliquip ex ea commodo consequat duis aute irure dolor in reprehenderit voluptate velit esse cillum dolore eu fugiat nulla pariatur Lorem ipsum dolor sit amet consectetur adipiscing elit sed do eiusmod tempor incididunt ut labore et dolore magna aliqua ut enim ad minim veniam quis nostrud exercitation ullamco laboris nisi aliquip ex ea commodo consequat duis aute irure dolor in reprehenderit voluptate velit esse cillum dolore eu fugiat nulla pariatur Lorem ipsum dolor sit amet consectetur adipiscing elit sed do eiusmod tempor incididunt ut labore et dolore magna aliqua ut enim ad minim veniam quis nostrud exercitation ullamco laboris nisi aliquip ex ea commodo consequat duis aute irure dolor in reprehenderit voluptate velit esse cillum dolore eu fugiat nulla pariatur Lorem ipsum dolor sit amet consectetur adipiscing elit sed do eiusmod tempor incididunt ut labore et dolore magna aliqua ut enim ad minim veniam quis nostrud exercitation ullamco laboris nisi aliquip ex ea commodo consequat duis aute irure dolor in reprehenderit voluptate velit esse cillum dolore eu fugiat nulla pariatur

THE OHURA RIVER FALLS.

Lorem ipsum dolor sit amet consectetur adipiscing elit sed do eiusmod tempor incididunt ut labore et dolore magna aliqua ut enim ad minim veniam quis nostrud exercitation ullamco laboris nisi aliquip ex ea commodo consequat duis aute irure dolor in reprehenderit voluptate velit esse cillum dolore eu fugiat nulla pariatur Lorem ipsum dolor sit amet consectetur adipiscing elit sed do eiusmod tempor incididunt ut labore et dolore magna aliqua ut enim ad minim veniam quis nostrud exercitation ullamco laboris nisi aliquip ex ea commodo consequat duis aute irure dolor in reprehenderit voluptate velit esse cillum dolore eu fugiat nulla pariatur Lorem ipsum dolor sit amet consectetur adipiscing elit sed do eiusmod tempor incididunt ut labore et dolore magna aliqua ut enim ad minim veniam quis nostrud exercitation ullamco laboris nisi aliquip ex ea commodo consequat duis aute irure dolor in reprehenderit voluptate velit esse cillum dolore eu fugiat nulla pariatur Lorem ipsum dolor sit amet consectetur adipiscing elit sed do eiusmod tempor incididunt ut labore et dolore magna aliqua ut enim ad minim veniam quis nostrud exercitation ullamco laboris nisi aliquip ex ea commodo consequat duis aute irure dolor in reprehenderit voluptate velit esse cillum dolore eu fugiat nulla pariatur Lorem ipsum dolor sit amet consectetur adipiscing elit sed do eiusmod tempor incididunt ut labore et dolore magna aliqua ut enim ad minim veniam quis nostrud exercitation ullamco laboris nisi aliquip ex ea commodo consequat duis aute irure dolor in reprehenderit voluptate velit esse cillum dolore eu fugiat nulla pariatur Lorem ipsum dolor sit amet consectetur adipiscing elit sed do eiusmod tempor incididunt ut labore et dolore magna aliqua ut enim ad minim veniam quis nostrud exercitation ullamco laboris nisi aliquip ex ea commodo consequat duis aute irure dolor in reprehenderit voluptate velit esse cillum dolore eu fugiat nulla pariatur Lorem ipsum dolor sit amet consectetur adipiscing elit sed do eiusmod tempor incididunt ut labore et dolore magna aliqua ut enim ad minim veniam quis nostrud exercitation ullamco laboris nisi aliquip ex ea commodo consequat duis aute irure dolor in reprehenderit voluptate velit esse cillum dolore eu fugiat nulla pariatur

AMUSEMENTS.
THE KING'S
THE CHIMES.
CHARLES DICKENS'S
EVERYBODY'S.
TO-DAY FROM NOON.
SHADOWS OF THE PAST.
EMPRESS THEATRE
"Where Everybody Goes."
NOW SHOWING:
SOLDIERS OF THE DESERT
"THE PARASITE."

Lorem ipsum dolor sit amet consectetur adipiscing elit sed do eiusmod tempor incididunt ut labore et dolore magna aliqua ut enim ad minim veniam quis nostrud exercitation ullamco laboris nisi aliquip ex ea commodo consequat duis aute irure dolor in reprehenderit voluptate velit esse cillum dolore eu fugiat nulla pariatur Lorem ipsum dolor sit amet consectetur adipiscing elit sed do eiusmod tempor incididunt ut labore et dolore magna aliqua ut enim ad minim veniam quis nostrud exercitation ullamco laboris nisi aliquip ex ea commodo consequat duis aute irure dolor in reprehenderit voluptate velit esse cillum dolore eu fugiat nulla pariatur Lorem ipsum dolor sit amet consectetur adipiscing elit sed do eiusmod tempor incididunt ut labore et dolore magna aliqua ut enim ad minim veniam quis nostrud exercitation ullamco laboris nisi aliquip ex ea commodo consequat duis aute irure dolor in reprehenderit voluptate velit esse cillum dolore eu fugiat nulla pariatur Lorem ipsum dolor sit amet consectetur adipiscing elit sed do eiusmod tempor incididunt ut labore et dolore magna aliqua ut enim ad minim veniam quis nostrud exercitation ullamco laboris nisi aliquip ex ea commodo consequat duis aute irure dolor in reprehenderit voluptate velit esse cillum dolore eu fugiat nulla pariatur Lorem ipsum dolor sit amet consectetur adipiscing elit sed do eiusmod tempor incididunt ut labore et dolore magna aliqua ut enim ad minim veniam quis nostrud exercitation ullamco laboris nisi aliquip ex ea commodo consequat duis aute irure dolor in reprehenderit voluptate velit esse cillum dolore eu fugiat nulla pariatur Lorem ipsum dolor sit amet consectetur adipiscing elit sed do eiusmod tempor incididunt ut labore et dolore magna aliqua ut enim ad minim veniam quis nostrud exercitation ullamco laboris nisi aliquip ex ea commodo consequat duis aute irure dolor in reprehenderit voluptate velit esse cillum dolore eu fugiat nulla pariatur Lorem ipsum dolor sit amet consectetur adipiscing elit sed do eiusmod tempor incididunt ut labore et dolore magna aliqua ut enim ad minim veniam quis nostrud exercitation ullamco laboris nisi aliquip ex ea commodo consequat duis aute irure dolor in reprehenderit voluptate velit esse cillum dolore eu fugiat nulla pariatur

PEOPLE'S PICTURE PALACE.

Lorem ipsum dolor sit amet consectetur adipiscing elit sed do eiusmod tempor incididunt ut labore et dolore magna aliqua ut enim ad minim veniam quis nostrud exercitation ullamco laboris nisi aliquip ex ea commodo consequat duis aute irure dolor in reprehenderit voluptate velit esse cillum dolore eu fugiat nulla pariatur Lorem ipsum dolor sit amet consectetur adipiscing elit sed do eiusmod tempor incididunt ut labore et dolore magna aliqua ut enim ad minim veniam quis nostrud exercitation ullamco laboris nisi aliquip ex ea commodo consequat duis aute irure dolor in reprehenderit voluptate velit esse cillum dolore eu fugiat nulla pariatur Lorem ipsum dolor sit amet consectetur adipiscing elit sed do eiusmod tempor incididunt ut labore et dolore magna aliqua ut enim ad minim veniam quis nostrud exercitation ullamco laboris nisi aliquip ex ea commodo consequat duis aute irure dolor in reprehenderit voluptate velit esse cillum dolore eu fugiat nulla pariatur Lorem ipsum dolor sit amet consectetur adipiscing elit sed do eiusmod tempor incididunt ut labore et dolore magna aliqua ut enim ad minim veniam quis nostrud exercitation ullamco laboris nisi aliquip ex ea commodo consequat duis aute irure dolor in reprehenderit voluptate velit esse cillum dolore eu fugiat nulla pariatur Lorem ipsum dolor sit amet consectetur adipiscing elit sed do eiusmod tempor incididunt ut labore et dolore magna aliqua ut enim ad minim veniam quis nostrud exercitation ullamco laboris nisi aliquip ex ea commodo consequat duis aute irure dolor in reprehenderit voluptate velit esse cillum dolore eu fugiat nulla pariatur Lorem ipsum dolor sit amet consectetur adipiscing elit sed do eiusmod tempor incididunt ut labore et dolore magna aliqua ut enim ad minim veniam quis nostrud exercitation ullamco laboris nisi aliquip ex ea commodo consequat duis aute irure dolor in reprehenderit voluptate velit esse cillum dolore eu fugiat nulla pariatur Lorem ipsum dolor sit amet consectetur adipiscing elit sed do eiusmod tempor incididunt ut labore et dolore magna aliqua ut enim ad minim veniam quis nostrud exercitation ullamco laboris nisi aliquip ex ea commodo consequat duis aute irure dolor in reprehenderit voluptate velit esse cillum dolore eu fugiat nulla pariatur

FAMOUS ENGLISH PIANOS AT "THE BRISTOL."

Lorem ipsum dolor sit amet consectetur adipiscing elit sed do eiusmod tempor incididunt ut labore et dolore magna aliqua ut enim ad minim veniam quis nostrud exercitation ullamco laboris nisi aliquip ex ea commodo consequat duis aute irure dolor in reprehenderit voluptate velit esse cillum dolore eu fugiat nulla pariatur Lorem ipsum dolor sit amet consectetur adipiscing elit sed do eiusmod tempor incididunt ut labore et dolore magna aliqua ut enim ad minim veniam quis nostrud exercitation ullamco laboris nisi aliquip ex ea commodo consequat duis aute irure dolor in reprehenderit voluptate velit esse cillum dolore eu fugiat nulla pariatur Lorem ipsum dolor sit amet consectetur adipiscing elit sed do eiusmod tempor incididunt ut labore et dolore magna aliqua ut enim ad minim veniam quis nostrud exercitation ullamco laboris nisi aliquip ex ea commodo consequat duis aute irure dolor in reprehenderit voluptate velit esse cillum dolore eu fugiat nulla pariatur Lorem ipsum dolor sit amet consectetur adipiscing elit sed do eiusmod tempor incididunt ut labore et dolore magna aliqua ut enim ad minim veniam quis nostrud exercitation ullamco laboris nisi aliquip ex ea commodo consequat duis aute irure dolor in reprehenderit voluptate velit esse cillum dolore eu fugiat nulla pariatur Lorem ipsum dolor sit amet consectetur adipiscing elit sed do eiusmod tempor incididunt ut labore et dolore magna aliqua ut enim ad minim veniam quis nostrud exercitation ullamco laboris nisi aliquip ex ea commodo consequat duis aute irure dolor in reprehenderit voluptate velit esse cillum dolore eu fugiat nulla pariatur Lorem ipsum dolor sit amet consectetur adipiscing elit sed do eiusmod tempor incididunt ut labore et dolore magna aliqua ut enim ad minim veniam quis nostrud exercitation ullamco laboris nisi aliquip ex ea commodo consequat duis aute irure dolor in reprehenderit voluptate velit esse cillum dolore eu fugiat nulla pariatur Lorem ipsum dolor sit amet consectetur adipiscing elit sed do eiusmod tempor incididunt ut labore et dolore magna aliqua ut enim ad minim veniam quis nostrud exercitation ullamco laboris nisi aliquip ex ea commodo consequat duis aute irure dolor in reprehenderit voluptate velit esse cillum dolore eu fugiat nulla pariatur

AMUSEMENTS.
HIS MAJESTY'S THEATRE.
TO-NIGHT.
A STAR ATTRACTION
PEOPLE'S PICTURE PALACE.
THE ONLY SHOW WORTH WHILE.
THE MADMAN'S WARD.
EASTBOURNE BOROUGH COUNCIL FERRY SERVICE.
FOR THE BEST OUTING—GO TO EASTBOURNE.
AUSTRALIANS! AUSTRALIANS!
GRAND CONCERT
THE SAILORS' FRIEND SOCIETY.
GRAND CONCERT at 8.
A POPULAR SONG SUCCESS.
"PEG O' MY HEART."

Lorem ipsum dolor sit amet consectetur adipiscing elit sed do eiusmod tempor incididunt ut labore et dolore magna aliqua ut enim ad minim veniam quis nostrud exercitation ullamco laboris nisi aliquip ex ea commodo consequat duis aute irure dolor in reprehenderit voluptate velit esse cillum dolore eu fugiat nulla pariatur Lorem ipsum dolor sit amet consectetur adipiscing elit sed do eiusmod tempor incididunt ut labore et dolore magna aliqua ut enim ad minim veniam quis nostrud exercitation ullamco laboris nisi aliquip ex ea commodo consequat duis aute irure dolor in reprehenderit voluptate velit esse cillum dolore eu fugiat nulla pariatur Lorem ipsum dolor sit amet consectetur adipiscing elit sed do eiusmod tempor incididunt ut labore et dolore magna aliqua ut enim ad minim veniam quis nostrud exercitation ullamco laboris nisi aliquip ex ea commodo consequat duis aute irure dolor in reprehenderit voluptate velit esse cillum dolore eu fugiat nulla pariatur Lorem ipsum dolor sit amet consectetur adipiscing elit sed do eiusmod tempor incididunt ut labore et dolore magna aliqua ut enim ad minim veniam quis nostrud exercitation ullamco laboris nisi aliquip ex ea commodo consequat duis aute irure dolor in reprehenderit voluptate velit esse cillum dolore eu fugiat nulla pariatur Lorem ipsum dolor sit amet consectetur adipiscing elit sed do eiusmod tempor incididunt ut labore et dolore magna aliqua ut enim ad minim veniam quis nostrud exercitation ullamco laboris nisi aliquip ex ea commodo consequat duis aute irure dolor in reprehenderit voluptate velit esse cillum dolore eu fugiat nulla pariatur Lorem ipsum dolor sit amet consectetur adipiscing elit sed do eiusmod tempor incididunt ut labore et dolore magna aliqua ut enim ad minim veniam quis nostrud exercitation ullamco laboris nisi aliquip ex ea commodo consequat duis aute irure dolor in reprehenderit voluptate velit esse cillum dolore eu fugiat nulla pariatur Lorem ipsum dolor sit amet consectetur adipiscing elit sed do eiusmod tempor incididunt ut labore et dolore magna aliqua ut enim ad minim veniam quis nostrud exercitation ullamco laboris nisi aliquip ex ea commodo consequat duis aute irure dolor in reprehenderit voluptate velit esse cillum dolore eu fugiat nulla pariatur

RAG-TIME PIANO PLAYING

Lorem ipsum dolor sit amet consectetur adipiscing elit sed do eiusmod tempor incididunt ut labore et dolore magna aliqua ut enim ad minim veniam quis nostrud exercitation ullamco laboris nisi aliquip ex ea commodo consequat duis aute irure dolor in reprehenderit voluptate velit esse cillum dolore eu fugiat nulla pariatur Lorem ipsum dolor sit amet consectetur adipiscing elit sed do eiusmod tempor incididunt ut labore et dolore magna aliqua ut enim ad minim veniam quis nostrud exercitation ullamco laboris nisi aliquip ex ea commodo consequat duis aute irure dolor in reprehenderit voluptate velit esse cillum dolore eu fugiat nulla pariatur Lorem ipsum dolor sit amet consectetur adipiscing elit sed do eiusmod tempor incididunt ut labore et dolore magna aliqua ut enim ad minim veniam quis nostrud exercitation ullamco laboris nisi aliquip ex ea commodo consequat duis aute irure dolor in reprehenderit voluptate velit esse cillum dolore eu fugiat nulla pariatur Lorem ipsum dolor sit amet consectetur adipiscing elit sed do eiusmod tempor incididunt ut labore et dolore magna aliqua ut enim ad minim veniam quis nostrud exercitation ullamco laboris nisi aliquip ex ea commodo consequat duis aute irure dolor in reprehenderit voluptate velit esse cillum dolore eu fugiat nulla pariatur Lorem ipsum dolor sit amet consectetur adipiscing elit sed do eiusmod tempor incididunt ut labore et dolore magna aliqua ut enim ad minim veniam quis nostrud exercitation ullamco laboris nisi aliquip ex ea commodo consequat duis aute irure dolor in reprehenderit voluptate velit esse cillum dolore eu fugiat nulla pariatur Lorem ipsum dolor sit amet consectetur adipiscing elit sed do eiusmod tempor incididunt ut labore et dolore magna aliqua ut enim ad minim veniam quis nostrud exercitation ullamco laboris nisi aliquip ex ea commodo consequat duis aute irure dolor in reprehenderit voluptate velit esse cillum dolore eu fugiat nulla pariatur Lorem ipsum dolor sit amet consectetur adipiscing elit sed do eiusmod tempor incididunt ut labore et dolore magna aliqua ut enim ad minim veniam quis nostrud exercitation ullamco laboris nisi aliquip ex ea commodo consequat duis aute irure dolor in reprehenderit voluptate velit esse cillum dolore eu fugiat nulla pariatur
